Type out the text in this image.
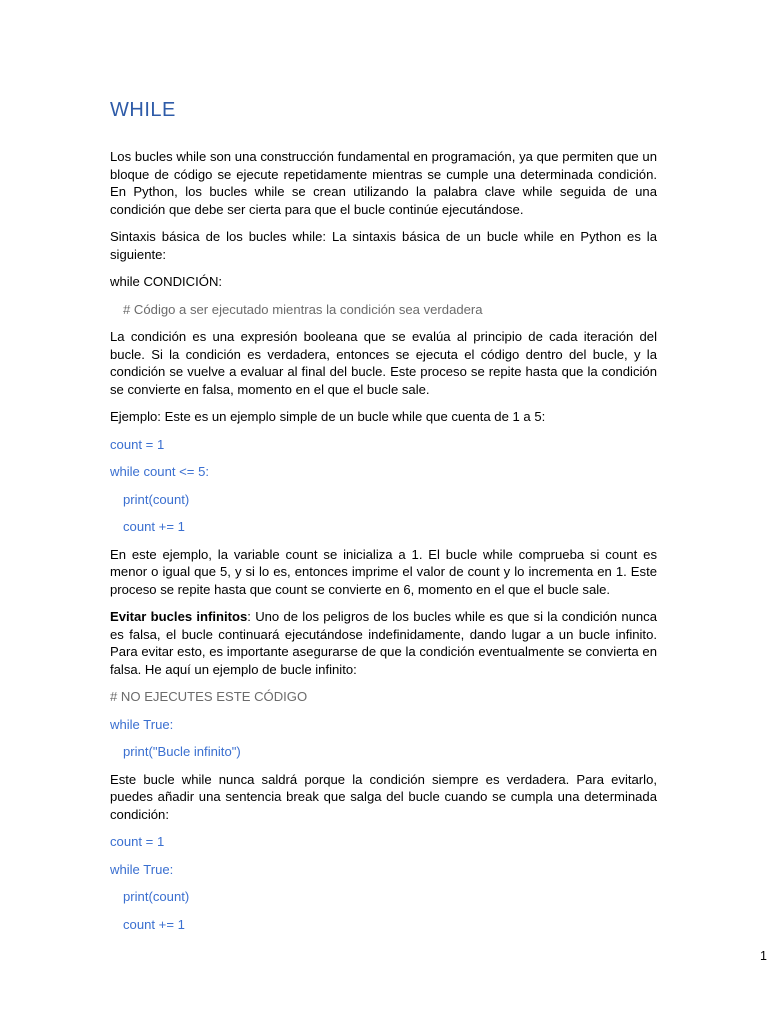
WHILE

Los bucles while son una construcción fundamental en programación, ya que permiten que un bloque de código se ejecute repetidamente mientras se cumple una determinada condición. En Python, los bucles while se crean utilizando la palabra clave while seguida de una condición que debe ser cierta para que el bucle continúe ejecutándose.

Sintaxis básica de los bucles while: La sintaxis básica de un bucle while en Python es la siguiente:

while CONDICIÓN:
# Código a ser ejecutado mientras la condición sea verdadera

La condición es una expresión booleana que se evalúa al principio de cada iteración del bucle. Si la condición es verdadera, entonces se ejecuta el código dentro del bucle, y la condición se vuelve a evaluar al final del bucle. Este proceso se repite hasta que la condición se convierte en falsa, momento en el que el bucle sale.

Ejemplo: Este es un ejemplo simple de un bucle while que cuenta de 1 a 5:

count = 1
while count <= 5:
print(count)
count += 1

En este ejemplo, la variable count se inicializa a 1. El bucle while comprueba si count es menor o igual que 5, y si lo es, entonces imprime el valor de count y lo incrementa en 1. Este proceso se repite hasta que count se convierte en 6, momento en el que el bucle sale.

Evitar bucles infinitos: Uno de los peligros de los bucles while es que si la condición nunca es falsa, el bucle continuará ejecutándose indefinidamente, dando lugar a un bucle infinito. Para evitar esto, es importante asegurarse de que la condición eventualmente se convierta en falsa. He aquí un ejemplo de bucle infinito:

# NO EJECUTES ESTE CÓDIGO
while True:
print("Bucle infinito")

Este bucle while nunca saldrá porque la condición siempre es verdadera. Para evitarlo, puedes añadir una sentencia break que salga del bucle cuando se cumpla una determinada condición:

count = 1
while True:
print(count)
count += 1
1
